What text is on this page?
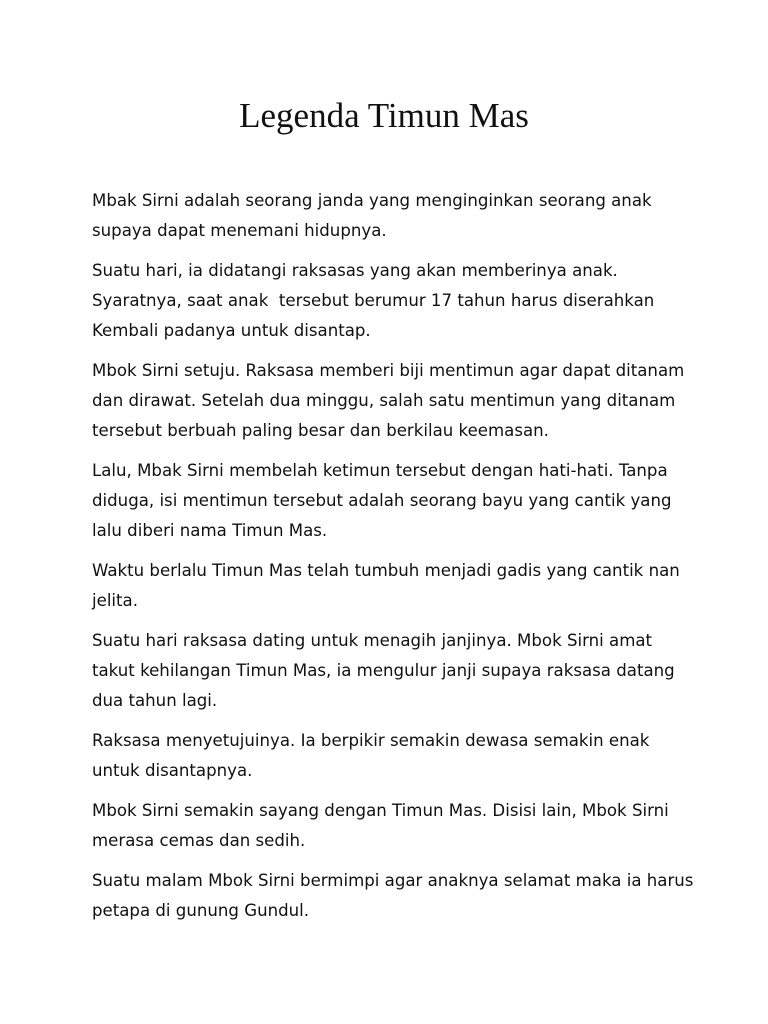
Legenda Timun Mas

Mbak Sirni adalah seorang janda yang menginginkan seorang anak
supaya dapat menemani hidupnya.

Suatu hari, ia didatangi raksasas yang akan memberinya anak.
Syaratnya, saat anak  tersebut berumur 17 tahun harus diserahkan
Kembali padanya untuk disantap.

Mbok Sirni setuju. Raksasa memberi biji mentimun agar dapat ditanam
dan dirawat. Setelah dua minggu, salah satu mentimun yang ditanam
tersebut berbuah paling besar dan berkilau keemasan.

Lalu, Mbak Sirni membelah ketimun tersebut dengan hati-hati. Tanpa
diduga, isi mentimun tersebut adalah seorang bayu yang cantik yang
lalu diberi nama Timun Mas.

Waktu berlalu Timun Mas telah tumbuh menjadi gadis yang cantik nan
jelita.

Suatu hari raksasa dating untuk menagih janjinya. Mbok Sirni amat
takut kehilangan Timun Mas, ia mengulur janji supaya raksasa datang
dua tahun lagi.

Raksasa menyetujuinya. Ia berpikir semakin dewasa semakin enak
untuk disantapnya.

Mbok Sirni semakin sayang dengan Timun Mas. Disisi lain, Mbok Sirni
merasa cemas dan sedih.

Suatu malam Mbok Sirni bermimpi agar anaknya selamat maka ia harus
petapa di gunung Gundul.
